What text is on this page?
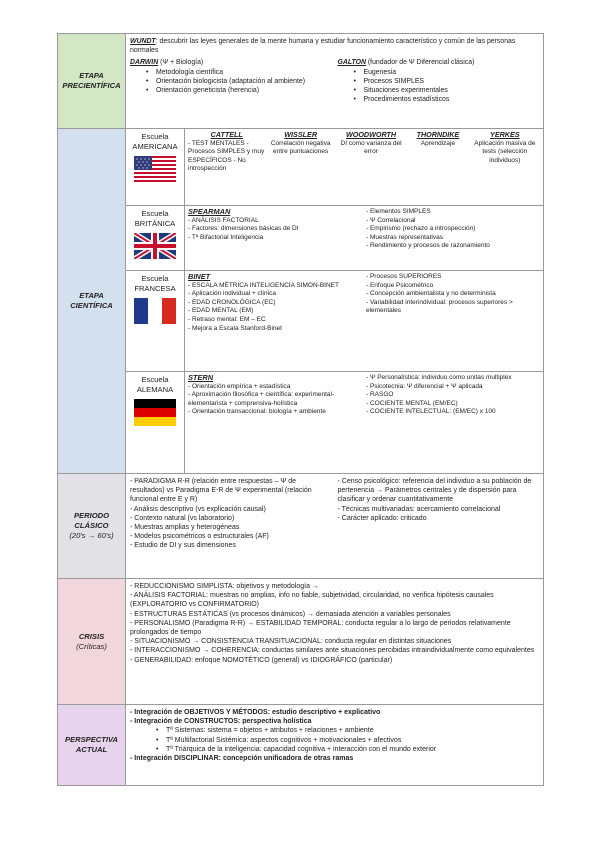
ETAPA PRECIENTÍFICA
WUNDT: descubrir las leyes generales de la mente humana y estudiar funcionamiento característico y común de las personas normales
DARWIN (Ψ + Biología)
• Metodología científica
• Orientación biologicista (adaptación al ambiente)
• Orientación geneticista (herencia)
GALTON (fundador de Ψ Diferencial clásica)
• Eugenesia
• Procesos SIMPLES
• Situaciones experimentales
• Procedimientos estadísticos
ETAPA CIENTÍFICA
Escuela AMERICANA
CATTELL
- TEST MENTALES - Procesos SIMPLES y muy ESPECÍFICOS - No introspección
WISSLER
Correlación negativa entre puntuaciones
WOODWORTH
DI como varianza del error
THORNDIKE
Aprendizaje
YERKES
Aplicación masiva de tests (selección individuos)
Escuela BRITÁNICA
SPEARMAN
- ANÁLISIS FACTORIAL
- Factores: dimensiones básicas de DI
- Tª Bifactorial Inteligencia
- Elementos SIMPLES
- Ψ Correlacional
- Empirismo (rechazo a introspección)
- Muestras representativas
- Rendimiento y procesos de razonamiento
Escuela FRANCESA
BINET
- ESCALA MÉTRICA INTELIGENCIA SIMON-BINET
- Aplicación individual + clínica
- EDAD CRONOLÓGICA (EC)
- EDAD MENTAL (EM)
- Retraso mental: EM – EC
- Mejora a Escala Stanford-Binet
- Procesos SUPERIORES
- Enfoque Psicométrico
- Concepción ambientalista y no determinista
- Variabilidad interindividual: procesos superiores > elementales
Escuela ALEMANA
STERN
- Orientación empírica + estadística
- Aproximación filosófica + científica: experimental-elementarista + comprensiva-holística
- Orientación transaccional: biología + ambiente
- Ψ Personalística: individuo como unitas multiplex
- Psicotecnia: Ψ diferencial + Ψ aplicada
- RASGO
- COCIENTE MENTAL (EM/EC)
- COCIENTE INTELECTUAL: (EM/EC) x 100
PERIODO CLÁSICO
(20's → 60's)
- PARADIGMA R-R (relación entre respuestas – Ψ de resultados) vs Paradigma E-R de Ψ experimental (relación funcional entre E y R)
- Análisis descriptivo (vs explicación causal)
- Contexto natural (vs laboratorio)
- Muestras amplias y heterogéneas
- Modelos psicométricos o estructurales (AF)
- Estudio de DI y sus dimensiones
- Censo psicológico: referencia del individuo a su población de pertenencia → Parámetros centrales y de dispersión para clasificar y ordenar cuantitativamente
- Técnicas multivariadas: acercamiento correlacional
- Carácter aplicado: criticado
CRISIS
(Críticas)
- REDUCCIONISMO SIMPLISTA: objetivos y metodología →
- ANÁLISIS FACTORIAL: muestras no amplias, info no fiable, subjetividad, circularidad, no verifica hipótesis causales (EXPLORATORIO vs CONFIRMATORIO)
- ESTRUCTURAS ESTÁTICAS (vs procesos dinámicos) → demasiada atención a variables personales
- PERSONALISMO (Paradigma R-R) → ESTABILIDAD TEMPORAL: conducta regular a lo largo de periodos relativamente prolongados de tiempo
- SITUACIONISMO → CONSISTENCIA TRANSITUACIONAL: conducta regular en distintas situaciones
- INTERACCIONISMO → COHERENCIA: conductas similares ante situaciones percibidas intraindividualmente como equivalentes
- GENERABILIDAD: enfoque NOMOTÉTICO (general) vs IDIOGRÁFICO (particular)
PERSPECTIVA ACTUAL
- Integración de OBJETIVOS Y MÉTODOS: estudio descriptivo + explicativo
- Integración de CONSTRUCTOS: perspectiva holística
• Tª Sistemas: sistema = objetos + atributos + relaciones + ambiente
• Tª Multifactorial Sistémica: aspectos cognitivos + motivacionales + afectivos
• Tª Triárquica de la inteligencia: capacidad cognitiva + interacción con el mundo exterior
- Integración DISCIPLINAR: concepción unificadora de otras ramas
